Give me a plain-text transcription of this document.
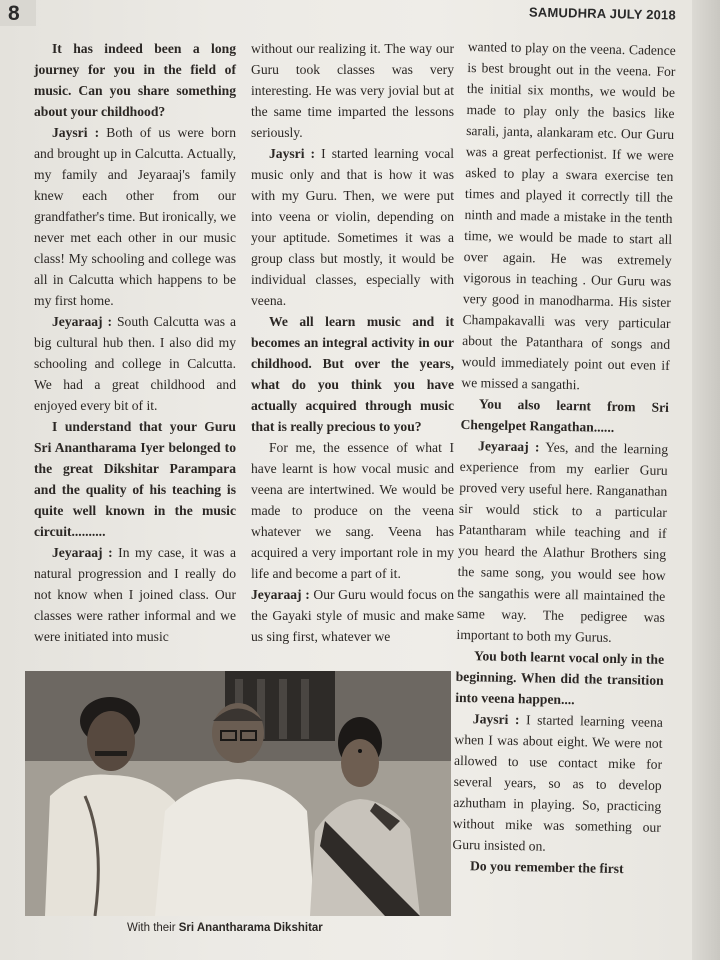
8	SAMUDHRA JULY 2018

It has indeed been a long journey for you in the field of music. Can you share something about your childhood?

Jaysri : Both of us were born and brought up in Calcutta. Actually, my family and Jeyaraaj's family knew each other from our grandfather's time. But ironically, we never met each other in our music class! My schooling and college was all in Calcutta which happens to be my first home.

Jeyaraaj : South Calcutta was a big cultural hub then. I also did my schooling and college in Calcutta. We had a great childhood and enjoyed every bit of it.

I understand that your Guru Sri Anantharama Iyer belonged to the great Dikshitar Parampara and the quality of his teaching is quite well known in the music circuit..........

Jeyaraaj : In my case, it was a natural progression and I really do not know when I joined class. Our classes were rather informal and we were initiated into music

without our realizing it. The way our Guru took classes was very interesting. He was very jovial but at the same time imparted the lessons seriously.

Jaysri : I started learning vocal music only and that is how it was with my Guru. Then, we were put into veena or violin, depending on your aptitude. Sometimes it was a group class but mostly, it would be individual classes, especially with veena.

We all learn music and it becomes an integral activity in our childhood. But over the years, what do you think you have actually acquired through music that is really precious to you?

For me, the essence of what I have learnt is how vocal music and veena are intertwined. We would be made to produce on the veena whatever we sang. Veena has acquired a very important role in my life and become a part of it.

Jeyaraaj : Our Guru would focus on the Gayaki style of music and make us sing first, whatever we

wanted to play on the veena. Cadence is best brought out in the veena. For the initial six months, we would be made to play only the basics like sarali, janta, alankaram etc. Our Guru was a great perfectionist. If we were asked to play a swara exercise ten times and played it correctly till the ninth and made a mistake in the tenth time, we would be made to start all over again. He was extremely vigorous in teaching . Our Guru was very good in manodharma. His sister Champakavalli was very particular about the Patanthara of songs and would immediately point out even if we missed a sangathi.

You also learnt from Sri Chengelpet Rangathan......

Jeyaraaj : Yes, and the learning experience from my earlier Guru proved very useful here. Ranganathan sir would stick to a particular Patantharam while teaching and if you heard the Alathur Brothers sing the same song, you would see how the sangathis were all maintained the same way. The pedigree was important to both my Gurus.

You both learnt vocal only in the beginning. When did the transition into veena happen....

Jaysri : I started learning veena when I was about eight. We were not allowed to use contact mike for several years, so as to develop azhutham in playing. So, practicing without mike was something our Guru insisted on.

Do you remember the first

With their Sri Anantharama Dikshitar
